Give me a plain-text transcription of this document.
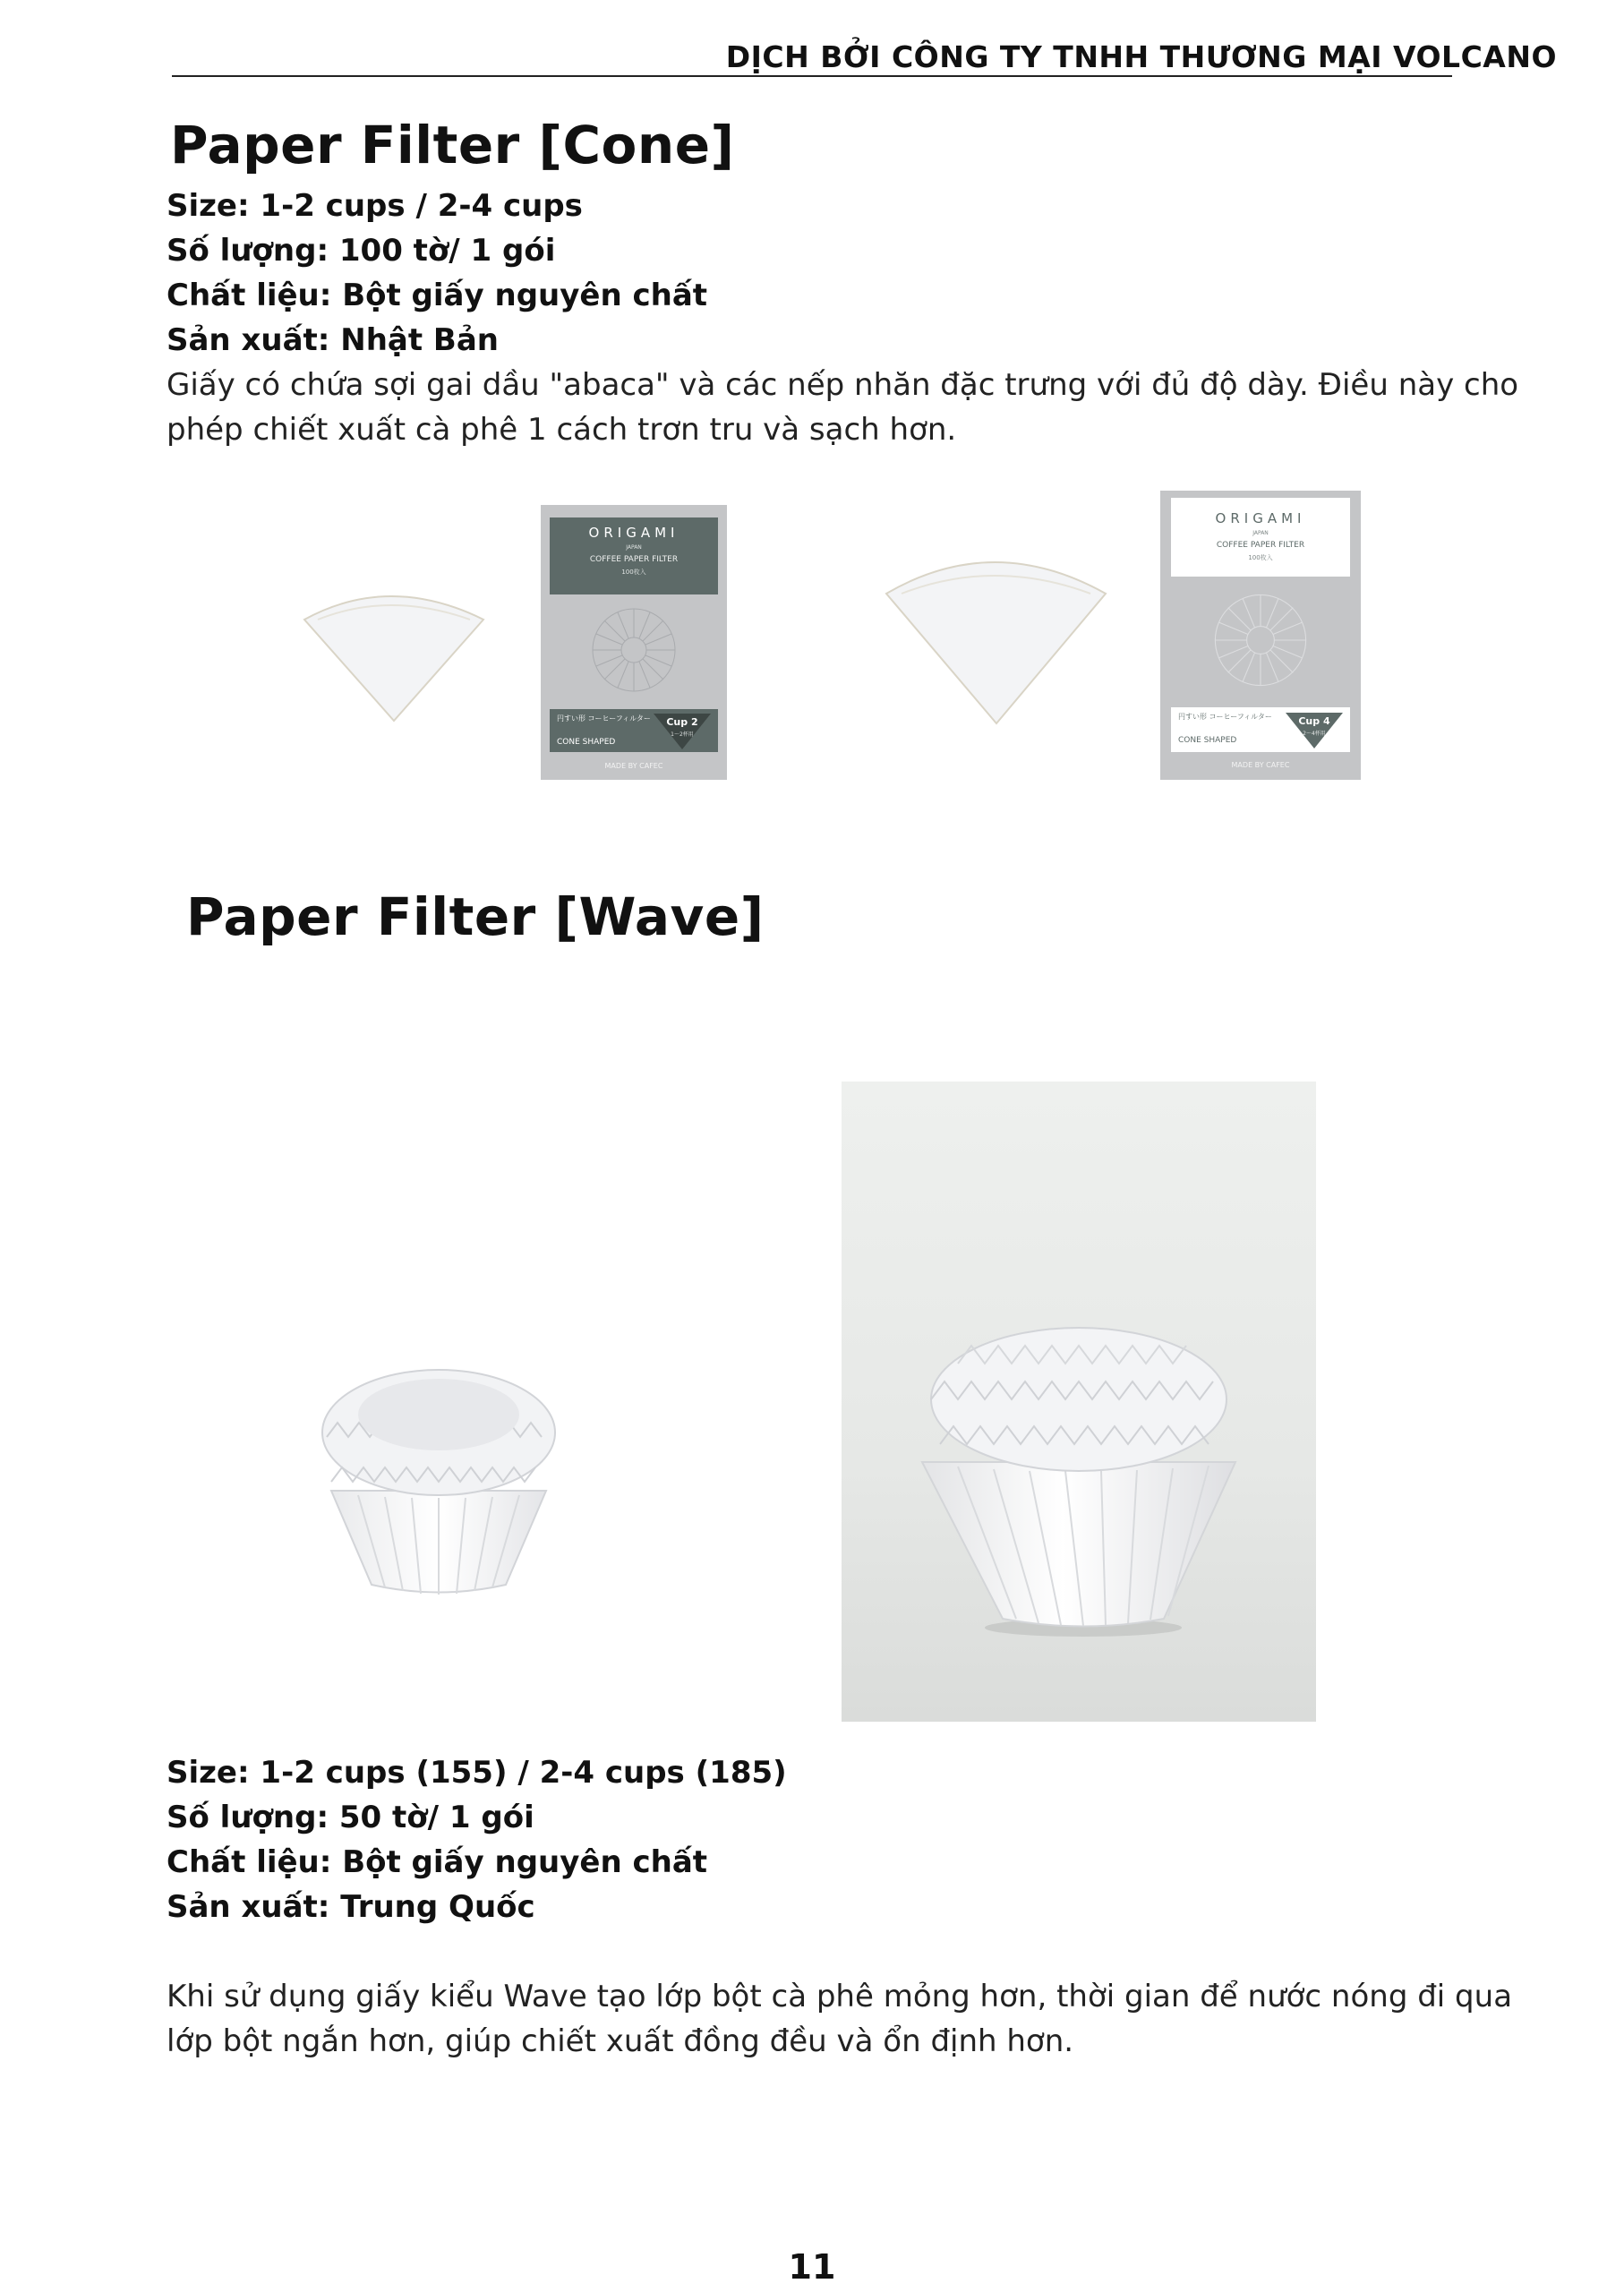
DỊCH BỞI CÔNG TY TNHH THƯƠNG MẠI VOLCANO
Paper Filter [Cone]
Size: 1-2 cups / 2-4 cups
Số lượng: 100 tờ/ 1 gói
Chất liệu: Bột giấy nguyên chất
Sản xuất: Nhật Bản
Giấy có chứa sợi gai dầu "abaca" và các nếp nhăn đặc trưng với đủ độ dày. Điều này cho phép chiết xuất cà phê 1 cách trơn tru và sạch hơn.
ORIGAMI
JAPAN
COFFEE PAPER FILTER
100枚入
円すい形 コーヒーフィルター
CONE SHAPED
Cup 2
1〜2杯用
MADE BY CAFEC
ORIGAMI
JAPAN
COFFEE PAPER FILTER
100枚入
円すい形 コーヒーフィルター
CONE SHAPED
Cup 4
2〜4杯用
MADE BY CAFEC
Paper Filter [Wave]
Size: 1-2 cups (155) / 2-4 cups (185)
Số lượng: 50 tờ/ 1 gói
Chất liệu: Bột giấy nguyên chất
Sản xuất: Trung Quốc
Khi sử dụng giấy kiểu Wave tạo lớp bột cà phê mỏng hơn, thời gian để nước nóng đi qua lớp bột ngắn hơn, giúp chiết xuất đồng đều và ổn định hơn.
11
